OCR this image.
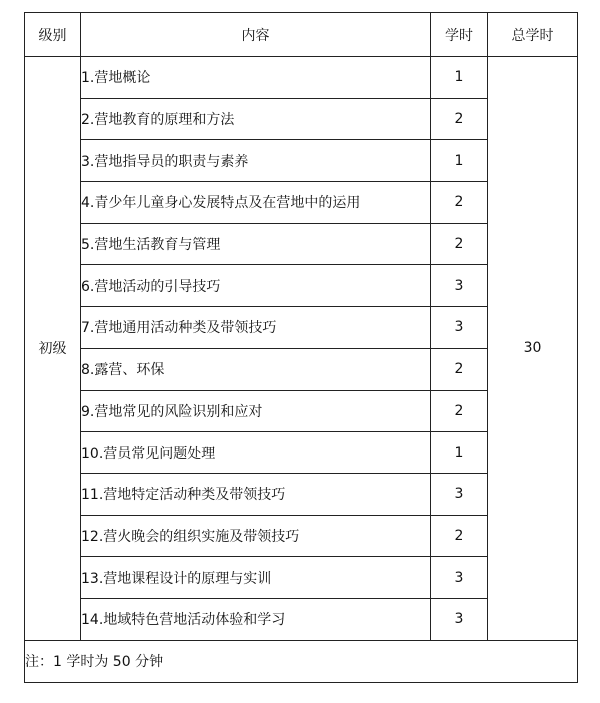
级别	内容	学时	总学时
初级	1.营地概论	1	30
	2.营地教育的原理和方法	2	
	3.营地指导员的职责与素养	1	
	4.青少年儿童身心发展特点及在营地中的运用	2	
	5.营地生活教育与管理	2	
	6.营地活动的引导技巧	3	
	7.营地通用活动种类及带领技巧	3	
	8.露营、环保	2	
	9.营地常见的风险识别和应对	2	
	10.营员常见问题处理	1	
	11.营地特定活动种类及带领技巧	3	
	12.营火晚会的组织实施及带领技巧	2	
	13.营地课程设计的原理与实训	3	
	14.地域特色营地活动体验和学习	3	
注：1 学时为 50 分钟			
